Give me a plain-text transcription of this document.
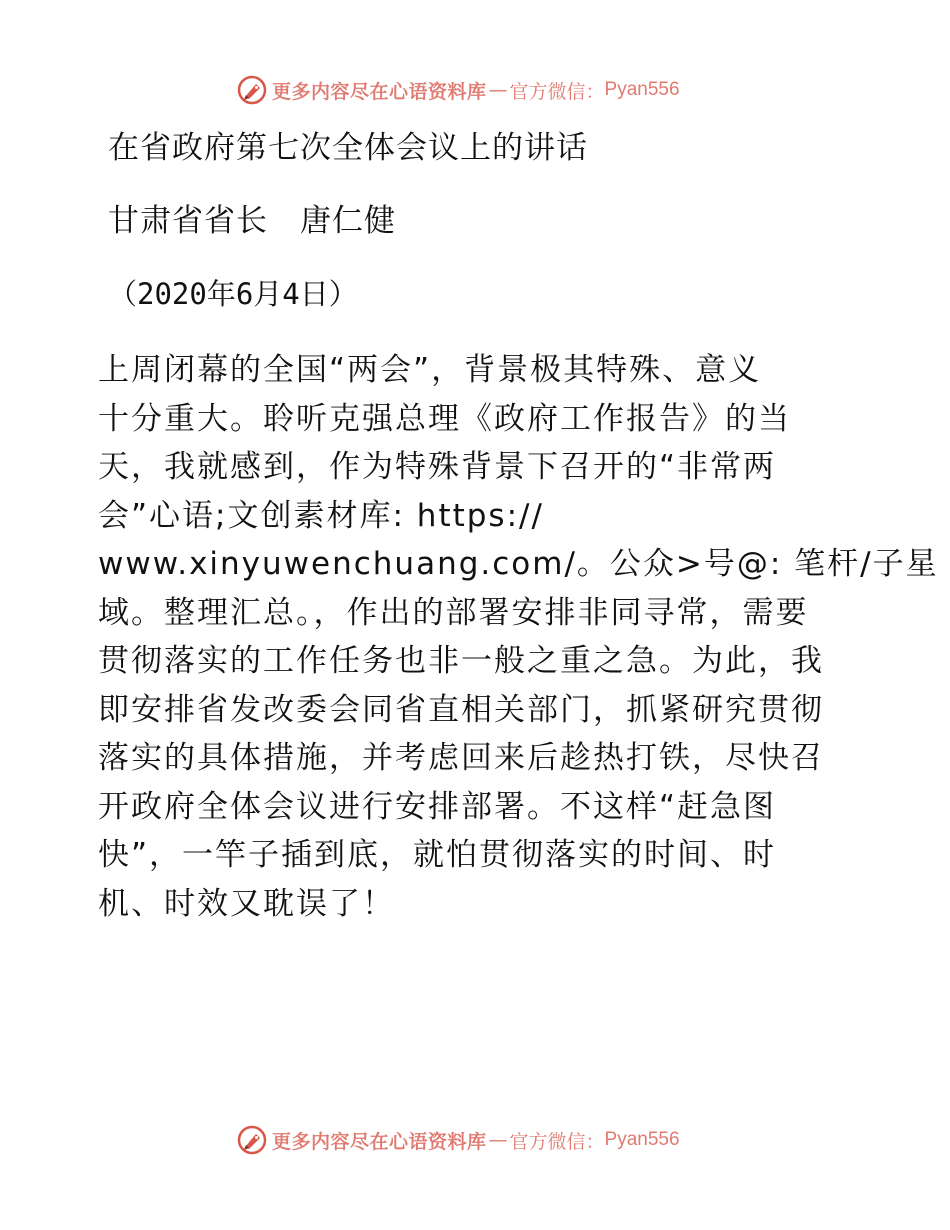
更多内容尽在心语资料库 — 官方微信： Pyan556
在省政府第七次全体会议上的讲话
甘肃省省长　唐仁健
（2020年6月4日）
上周闭幕的全国“两会”，背景极其特殊、意义
十分重大。聆听克强总理《政府工作报告》的当
天，我就感到，作为特殊背景下召开的“非常两
会”心语;文创素材库: https://
www.xinyuwenchuang.com/。公众>号@: 笔杆/子星
域。整理汇总。，作出的部署安排非同寻常，需要
贯彻落实的工作任务也非一般之重之急。为此，我
即安排省发改委会同省直相关部门，抓紧研究贯彻
落实的具体措施，并考虑回来后趁热打铁，尽快召
开政府全体会议进行安排部署。不这样“赶急图
快”，一竿子插到底，就怕贯彻落实的时间、时
机、时效又耽误了！
更多内容尽在心语资料库 — 官方微信： Pyan556
